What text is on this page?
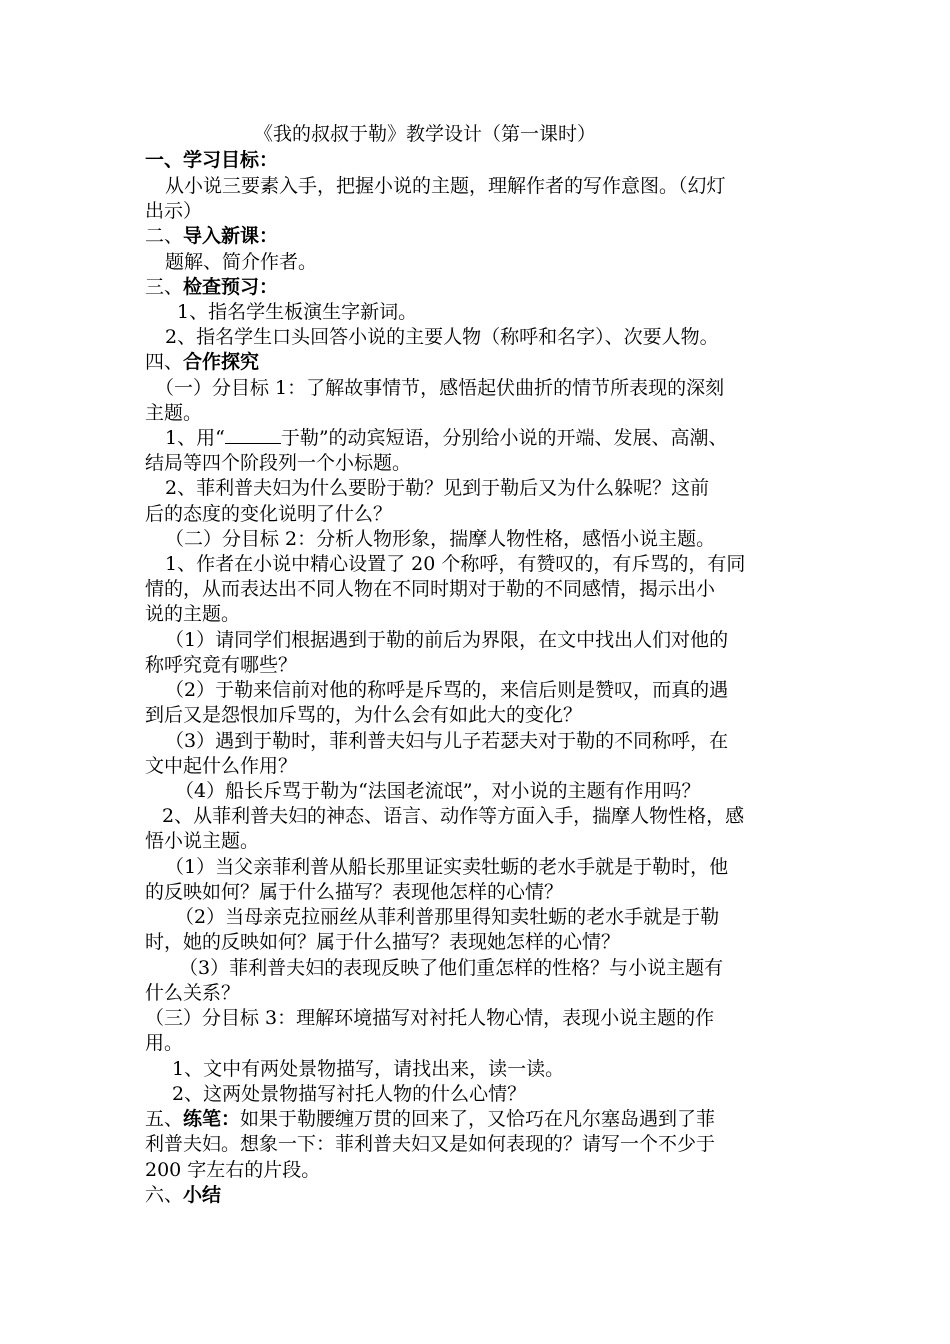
《我的叔叔于勒》教学设计（第一课时）
一、学习目标：
从小说三要素入手，把握小说的主题，理解作者的写作意图。（幻灯
出示）
二、导入新课：
题解、简介作者。
三、检查预习：
1、指名学生板演生字新词。
2、指名学生口头回答小说的主要人物（称呼和名字）、次要人物。
四、合作探究
（一）分目标 1：了解故事情节，感悟起伏曲折的情节所表现的深刻
主题。
1、用“	于勒”的动宾短语，分别给小说的开端、发展、高潮、
结局等四个阶段列一个小标题。
2、菲利普夫妇为什么要盼于勒？见到于勒后又为什么躲呢？这前
后的态度的变化说明了什么？
（二）分目标 2：分析人物形象，揣摩人物性格，感悟小说主题。
1、作者在小说中精心设置了 20 个称呼，有赞叹的，有斥骂的，有同
情的，从而表达出不同人物在不同时期对于勒的不同感情，揭示出小
说的主题。
（1）请同学们根据遇到于勒的前后为界限，在文中找出人们对他的
称呼究竟有哪些？
（2）于勒来信前对他的称呼是斥骂的，来信后则是赞叹，而真的遇
到后又是怨恨加斥骂的，为什么会有如此大的变化？
（3）遇到于勒时，菲利普夫妇与儿子若瑟夫对于勒的不同称呼，在
文中起什么作用？
（4）船长斥骂于勒为“法国老流氓”，对小说的主题有作用吗？
2、从菲利普夫妇的神态、语言、动作等方面入手，揣摩人物性格，感
悟小说主题。
（1）当父亲菲利普从船长那里证实卖牡蛎的老水手就是于勒时，他
的反映如何？属于什么描写？表现他怎样的心情？
（2）当母亲克拉丽丝从菲利普那里得知卖牡蛎的老水手就是于勒
时，她的反映如何？属于什么描写？表现她怎样的心情？
（3）菲利普夫妇的表现反映了他们重怎样的性格？与小说主题有
什么关系？
（三）分目标 3：理解环境描写对衬托人物心情，表现小说主题的作
用。
1、文中有两处景物描写，请找出来，读一读。
2、这两处景物描写衬托人物的什么心情？
五、练笔：如果于勒腰缠万贯的回来了，又恰巧在凡尔塞岛遇到了菲
利普夫妇。想象一下：菲利普夫妇又是如何表现的？请写一个不少于
200 字左右的片段。
六、小结
